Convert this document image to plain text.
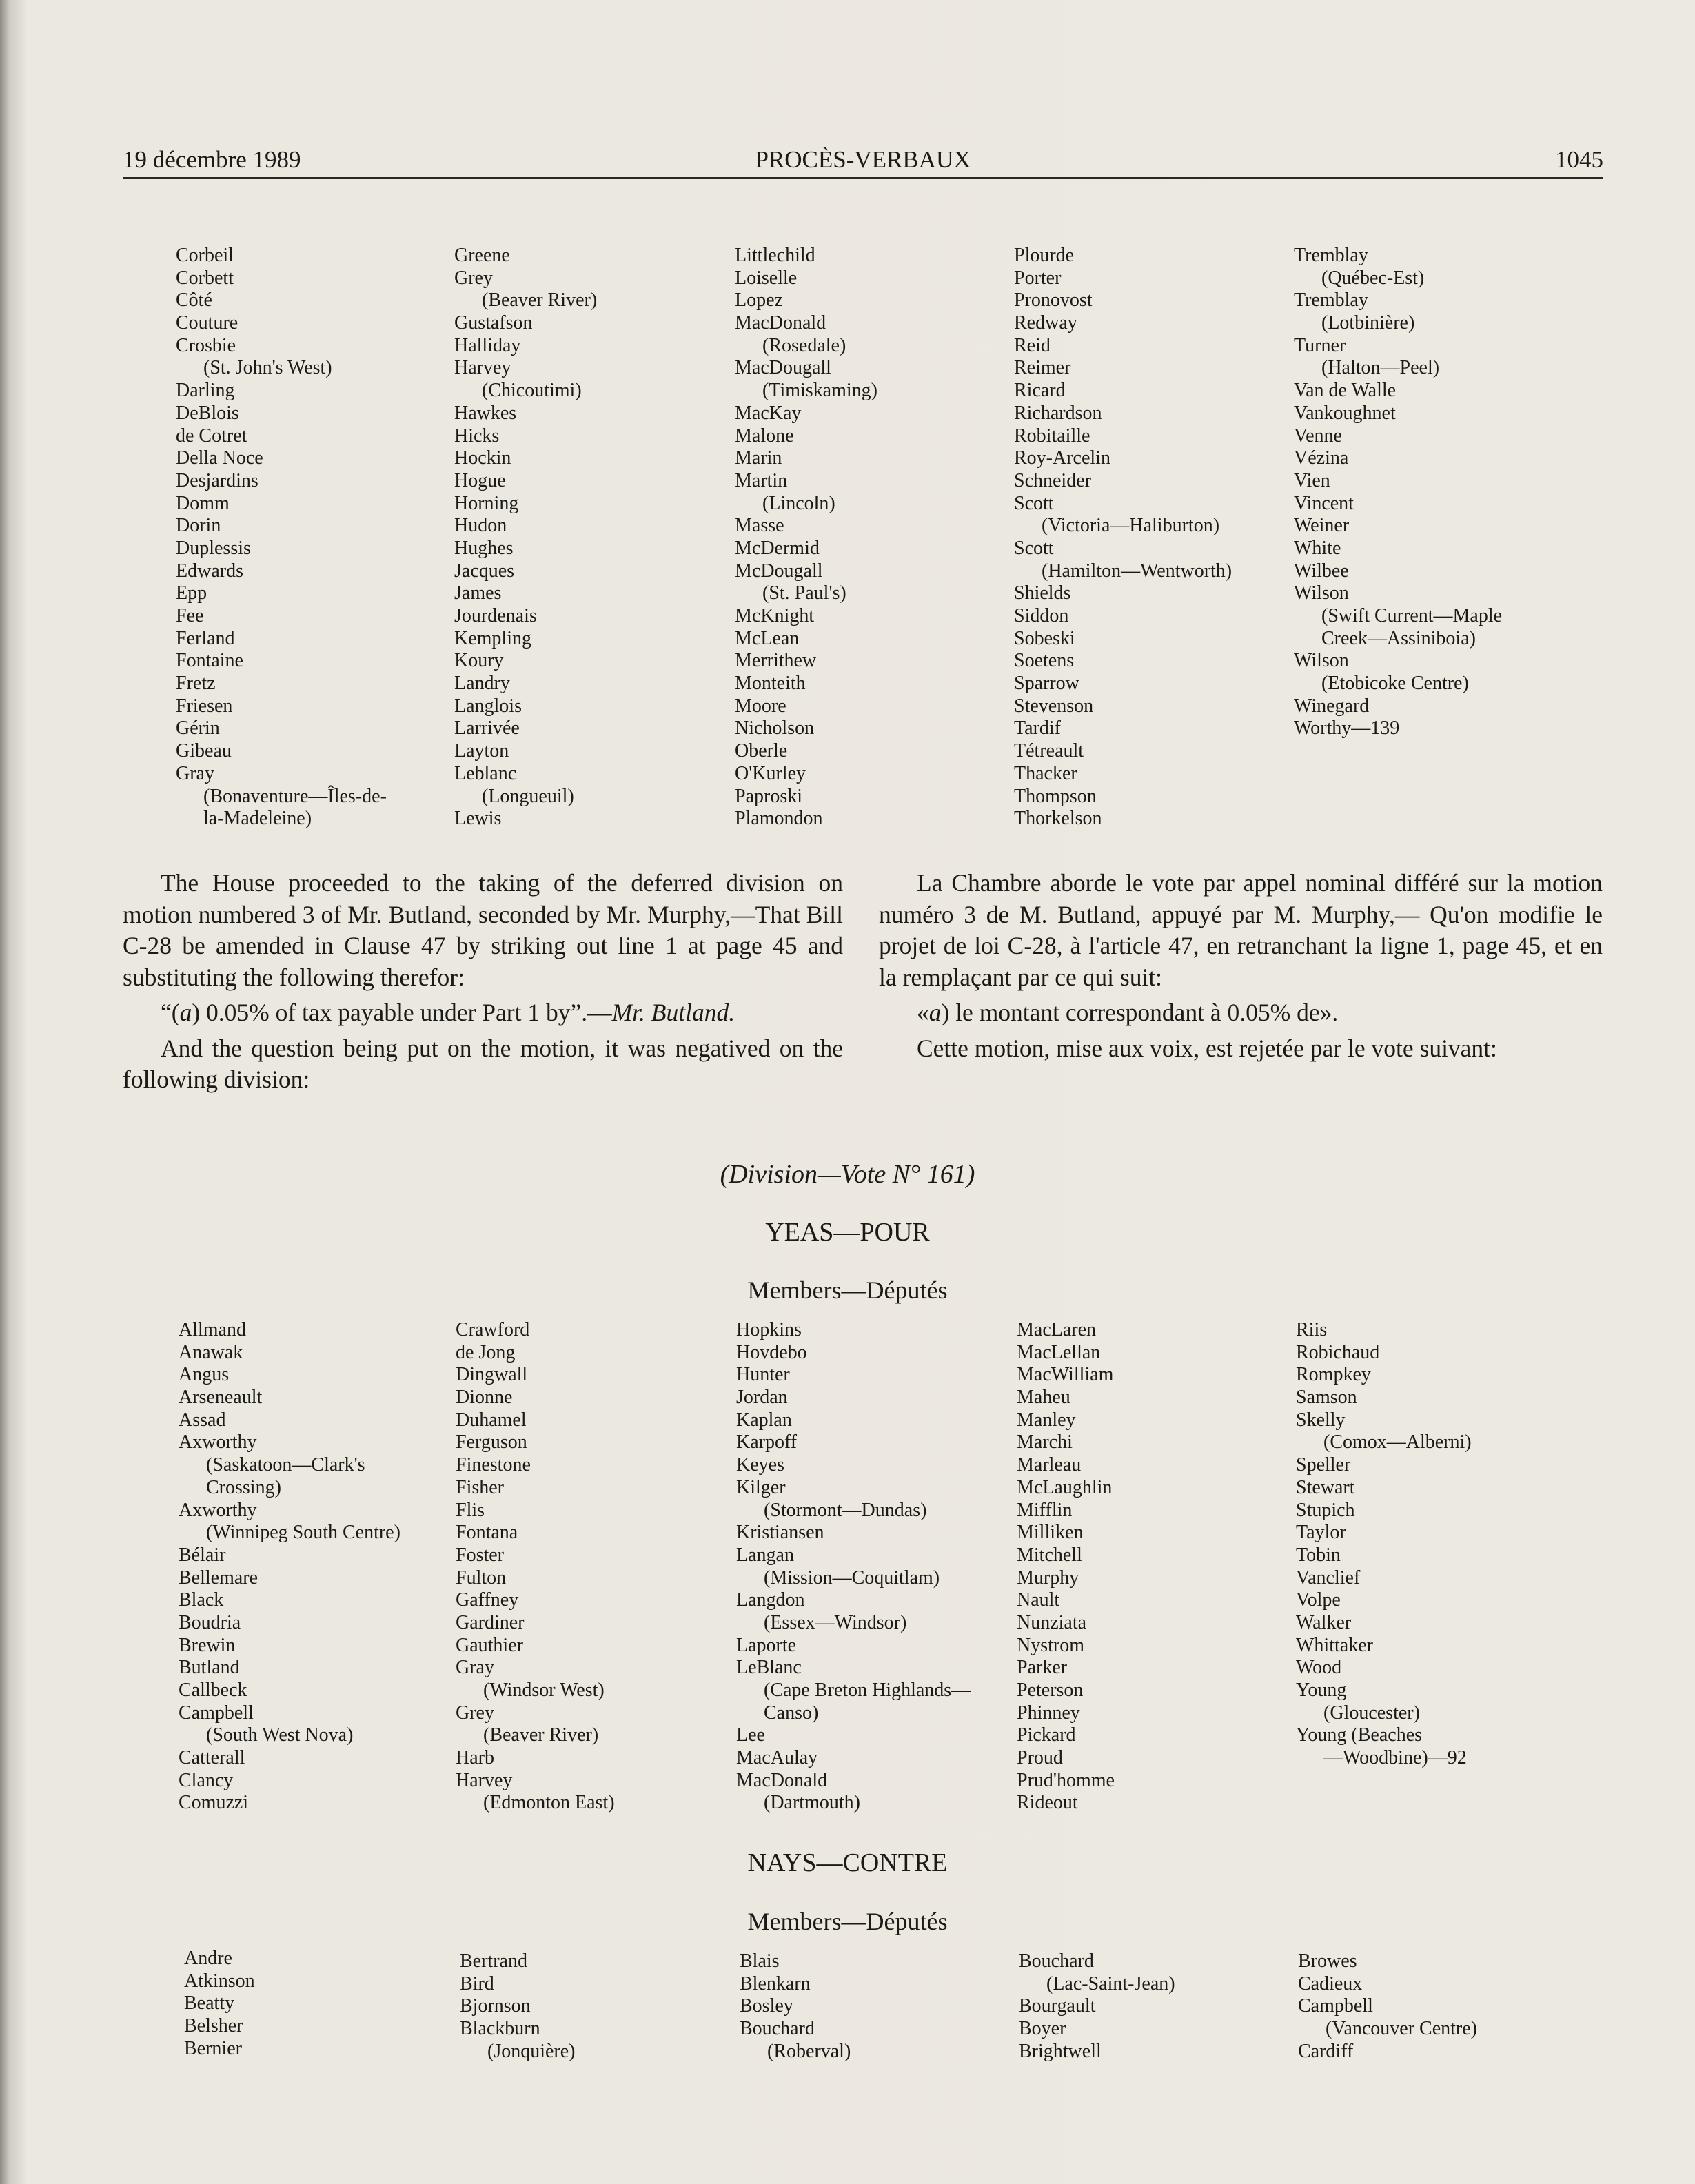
19 décembre 1989	PROCÈS-VERBAUX	1045
Corbeil
Corbett
Côté
Couture
Crosbie
(St. John's West)
Darling
DeBlois
de Cotret
Della Noce
Desjardins
Domm
Dorin
Duplessis
Edwards
Epp
Fee
Ferland
Fontaine
Fretz
Friesen
Gérin
Gibeau
Gray
(Bonaventure—Îles-de-
la-Madeleine)
Greene
Grey
(Beaver River)
Gustafson
Halliday
Harvey
(Chicoutimi)
Hawkes
Hicks
Hockin
Hogue
Horning
Hudon
Hughes
Jacques
James
Jourdenais
Kempling
Koury
Landry
Langlois
Larrivée
Layton
Leblanc
(Longueuil)
Lewis
Littlechild
Loiselle
Lopez
MacDonald
(Rosedale)
MacDougall
(Timiskaming)
MacKay
Malone
Marin
Martin
(Lincoln)
Masse
McDermid
McDougall
(St. Paul's)
McKnight
McLean
Merrithew
Monteith
Moore
Nicholson
Oberle
O'Kurley
Paproski
Plamondon
Plourde
Porter
Pronovost
Redway
Reid
Reimer
Ricard
Richardson
Robitaille
Roy-Arcelin
Schneider
Scott
(Victoria—Haliburton)
Scott
(Hamilton—Wentworth)
Shields
Siddon
Sobeski
Soetens
Sparrow
Stevenson
Tardif
Tétreault
Thacker
Thompson
Thorkelson
Tremblay
(Québec-Est)
Tremblay
(Lotbinière)
Turner
(Halton—Peel)
Van de Walle
Vankoughnet
Venne
Vézina
Vien
Vincent
Weiner
White
Wilbee
Wilson
(Swift Current—Maple
Creek—Assiniboia)
Wilson
(Etobicoke Centre)
Winegard
Worthy—139

The House proceeded to the taking of the deferred division on motion numbered 3 of Mr. Butland, seconded by Mr. Murphy,—That Bill C-28 be amended in Clause 47 by striking out line 1 at page 45 and substituting the following therefor:

“(a) 0.05% of tax payable under Part 1 by”.—Mr. Butland.

And the question being put on the motion, it was negatived on the following division:

La Chambre aborde le vote par appel nominal différé sur la motion numéro 3 de M. Butland, appuyé par M. Murphy,— Qu'on modifie le projet de loi C-28, à l'article 47, en retranchant la ligne 1, page 45, et en la remplaçant par ce qui suit:

«a) le montant correspondant à 0.05% de».

Cette motion, mise aux voix, est rejetée par le vote suivant:

(Division—Vote N° 161)
YEAS—POUR
Members—Députés
Allmand
Anawak
Angus
Arseneault
Assad
Axworthy
(Saskatoon—Clark's
Crossing)
Axworthy
(Winnipeg South Centre)
Bélair
Bellemare
Black
Boudria
Brewin
Butland
Callbeck
Campbell
(South West Nova)
Catterall
Clancy
Comuzzi
Crawford
de Jong
Dingwall
Dionne
Duhamel
Ferguson
Finestone
Fisher
Flis
Fontana
Foster
Fulton
Gaffney
Gardiner
Gauthier
Gray
(Windsor West)
Grey
(Beaver River)
Harb
Harvey
(Edmonton East)
Hopkins
Hovdebo
Hunter
Jordan
Kaplan
Karpoff
Keyes
Kilger
(Stormont—Dundas)
Kristiansen
Langan
(Mission—Coquitlam)
Langdon
(Essex—Windsor)
Laporte
LeBlanc
(Cape Breton Highlands—
Canso)
Lee
MacAulay
MacDonald
(Dartmouth)
MacLaren
MacLellan
MacWilliam
Maheu
Manley
Marchi
Marleau
McLaughlin
Mifflin
Milliken
Mitchell
Murphy
Nault
Nunziata
Nystrom
Parker
Peterson
Phinney
Pickard
Proud
Prud'homme
Rideout
Riis
Robichaud
Rompkey
Samson
Skelly
(Comox—Alberni)
Speller
Stewart
Stupich
Taylor
Tobin
Vanclief
Volpe
Walker
Whittaker
Wood
Young
(Gloucester)
Young (Beaches
—Woodbine)—92
NAYS—CONTRE
Members—Députés
Andre
Atkinson
Beatty
Belsher
Bernier
Bertrand
Bird
Bjornson
Blackburn
(Jonquière)
Blais
Blenkarn
Bosley
Bouchard
(Roberval)
Bouchard
(Lac-Saint-Jean)
Bourgault
Boyer
Brightwell
Browes
Cadieux
Campbell
(Vancouver Centre)
Cardiff
